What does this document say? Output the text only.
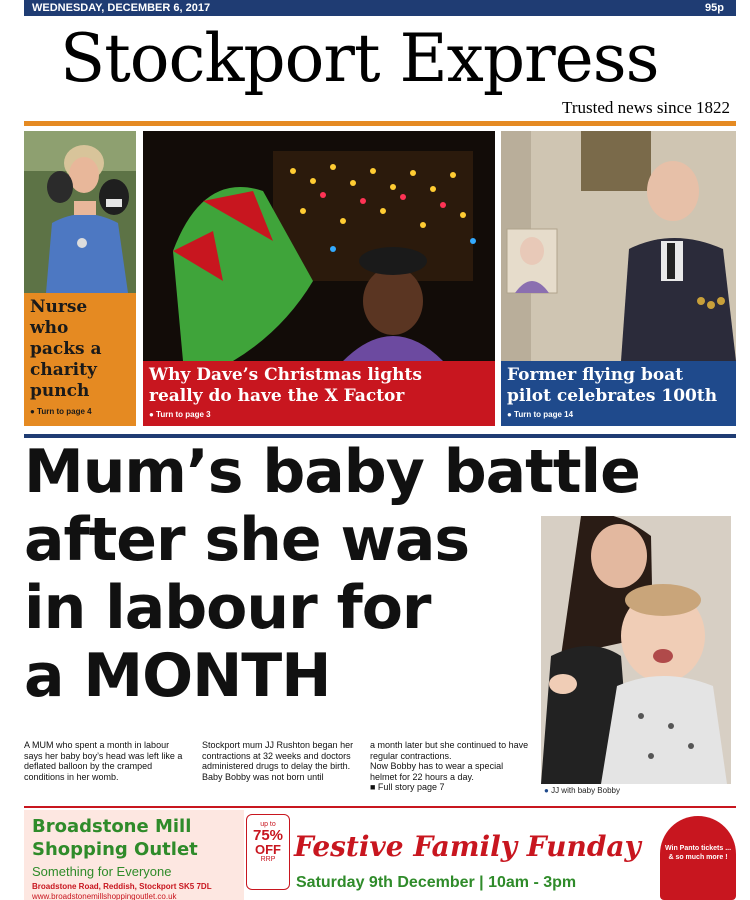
WEDNESDAY, DECEMBER 6, 2017	95p
Stockport Express
Trusted news since 1822
Nurse
who
packs a
charity
punch
● Turn to page 4
Why Dave’s Christmas lights
really do have the X Factor
● Turn to page 3
Former flying boat
pilot celebrates 100th
● Turn to page 14
Mum’s baby battle
after she was
in labour for
a MONTH
● JJ with baby Bobby
A MUM who spent a month in labour says her baby boy’s head was left like a deflated balloon by the cramped conditions in her womb.
Stockport mum JJ Rushton began her contractions at 32 weeks and doctors administered drugs to delay the birth.
Baby Bobby was not born until
a month later but she continued to have regular contractions.
Now Bobby has to wear a special helmet for 22 hours a day.
■ Full story page 7
Broadstone Mill
Shopping Outlet
Something for Everyone
Broadstone Road, Reddish, Stockport SK5 7DL
www.broadstonemillshoppingoutlet.co.uk
up to
75%
OFF
RRP Festive Family Funday
Saturday 9th December | 10am - 3pm
Win Panto tickets ... & so much more !
